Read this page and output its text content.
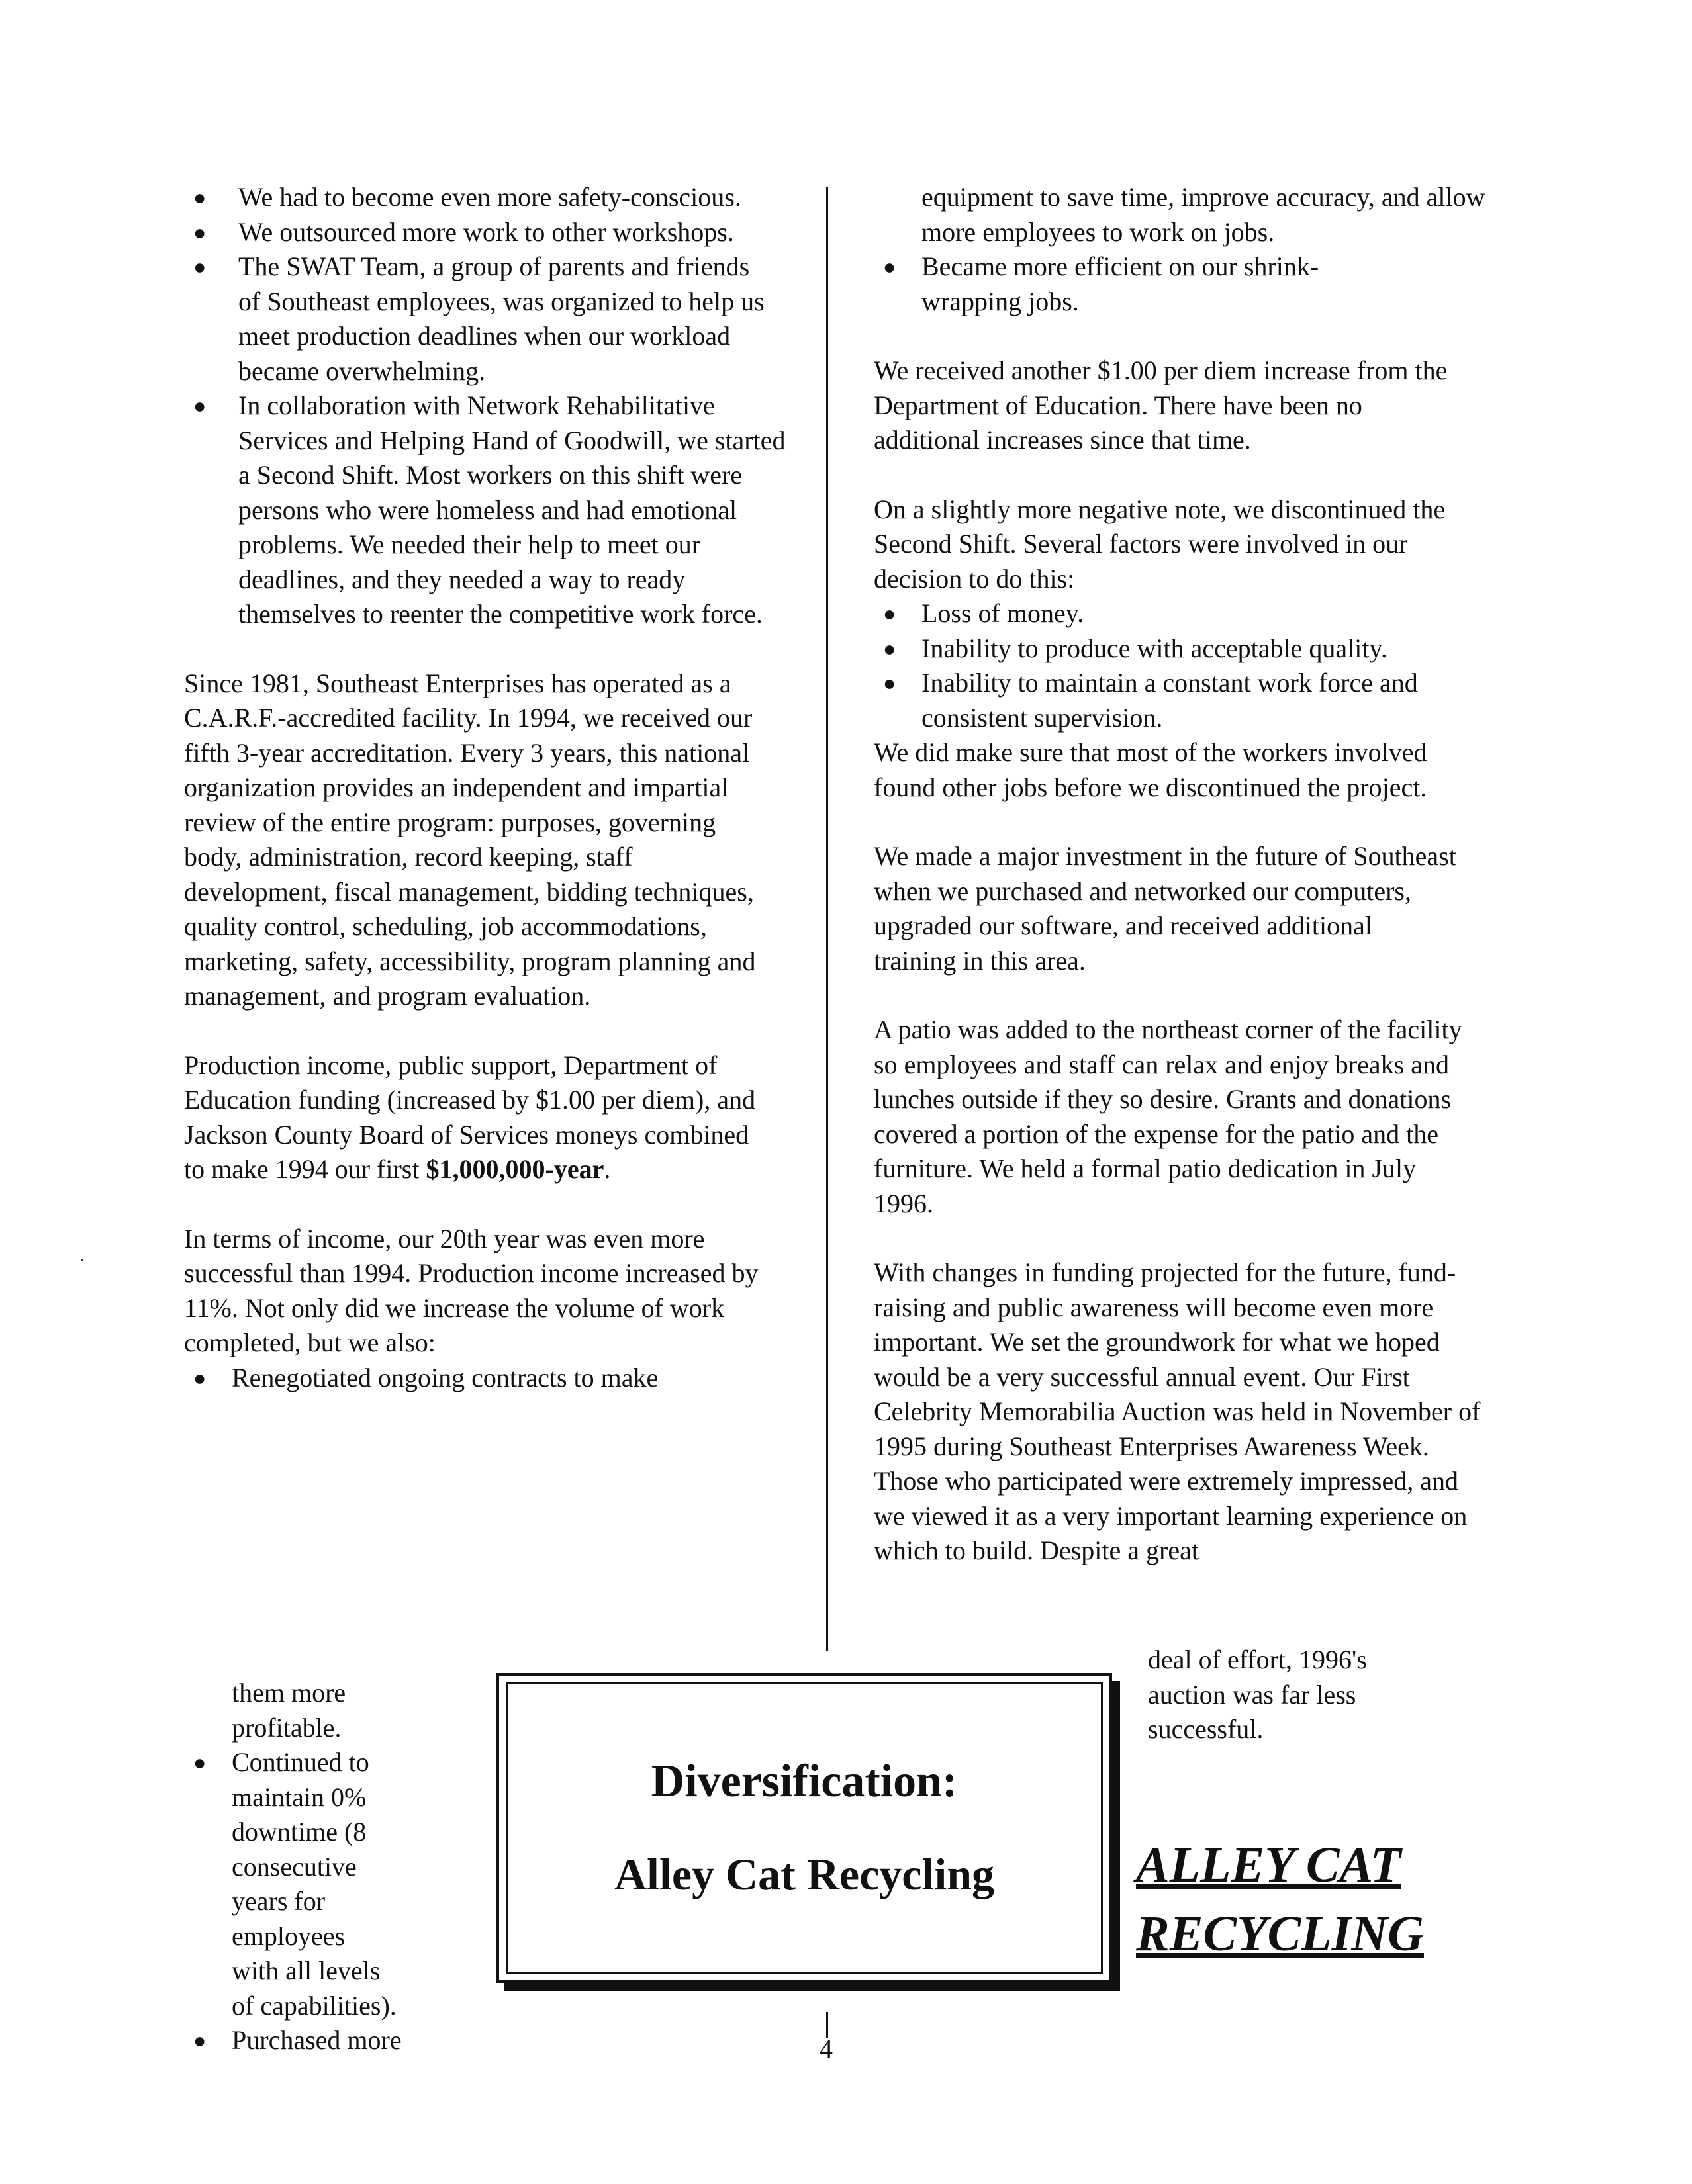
● We had to become even more safety-conscious.
● We outsourced more work to other workshops.
● The SWAT Team, a group of parents and friends of Southeast employees, was organized to help us meet production deadlines when our workload became overwhelming.
● In collaboration with Network Rehabilitative Services and Helping Hand of Goodwill, we started a Second Shift. Most workers on this shift were persons who were homeless and had emotional problems. We needed their help to meet our deadlines, and they needed a way to ready themselves to reenter the competitive work force.

Since 1981, Southeast Enterprises has operated as a C.A.R.F.-accredited facility. In 1994, we received our fifth 3-year accreditation. Every 3 years, this national organization provides an independent and impartial review of the entire program: purposes, governing body, administration, record keeping, staff development, fiscal management, bidding techniques, quality control, scheduling, job accommodations, marketing, safety, accessibility, program planning and management, and program evaluation.

Production income, public support, Department of Education funding (increased by $1.00 per diem), and Jackson County Board of Services moneys combined to make 1994 our first $1,000,000-year.

In terms of income, our 20th year was even more successful than 1994. Production income increased by 11%. Not only did we increase the volume of work completed, but we also:

● Renegotiated ongoing contracts to make

them more profitable.

● Continued to maintain 0% downtime (8 consecutive years for employees with all levels of capabilities).
● Purchased more

equipment to save time, improve accuracy, and allow more employees to work on jobs.

● Became more efficient on our shrink-wrapping jobs.

We received another $1.00 per diem increase from the Department of Education. There have been no additional increases since that time.

On a slightly more negative note, we discontinued the Second Shift. Several factors were involved in our decision to do this:

● Loss of money.
● Inability to produce with acceptable quality.
● Inability to maintain a constant work force and consistent supervision.

We did make sure that most of the workers involved found other jobs before we discontinued the project.

We made a major investment in the future of Southeast when we purchased and networked our computers, upgraded our software, and received additional training in this area.

A patio was added to the northeast corner of the facility so employees and staff can relax and enjoy breaks and lunches outside if they so desire. Grants and donations covered a portion of the expense for the patio and the furniture. We held a formal patio dedication in July 1996.

With changes in funding projected for the future, fund-raising and public awareness will become even more important. We set the groundwork for what we hoped would be a very successful annual event. Our First Celebrity Memorabilia Auction was held in November of 1995 during Southeast Enterprises Awareness Week. Those who participated were extremely impressed, and we viewed it as a very important learning experience on which to build. Despite a great

deal of effort, 1996's auction was far less successful.

Diversification:
Alley Cat Recycling	ALLEY CAT
RECYCLING
4
